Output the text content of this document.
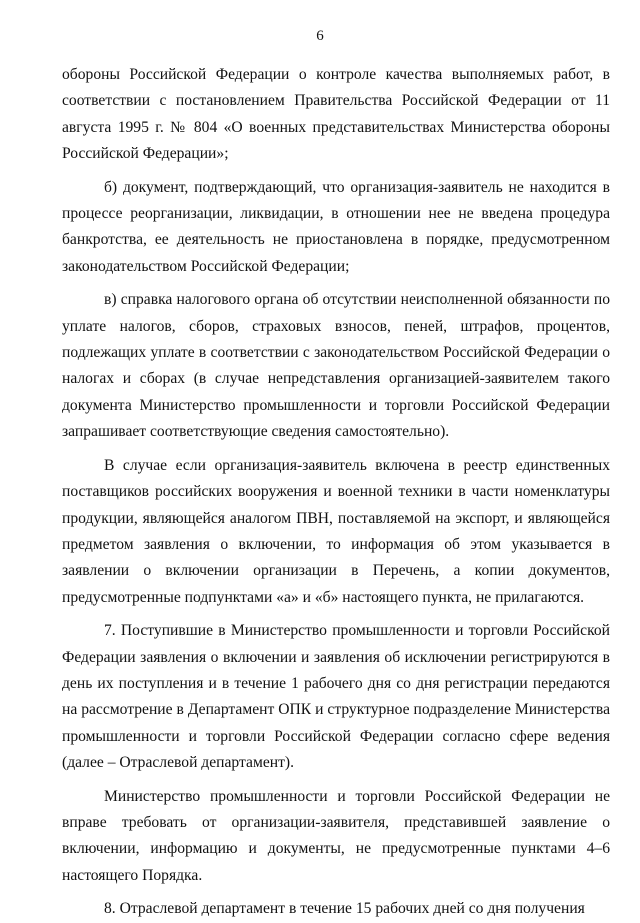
6

обороны Российской Федерации о контроле качества выполняемых работ, в соответствии с постановлением Правительства Российской Федерации от 11 августа 1995 г. № 804 «О военных представительствах Министерства обороны Российской Федерации»;

б) документ, подтверждающий, что организация-заявитель не находится в процессе реорганизации, ликвидации, в отношении нее не введена процедура банкротства, ее деятельность не приостановлена в порядке, предусмотренном законодательством Российской Федерации;

в) справка налогового органа об отсутствии неисполненной обязанности по уплате налогов, сборов, страховых взносов, пеней, штрафов, процентов, подлежащих уплате в соответствии с законодательством Российской Федерации о налогах и сборах (в случае непредставления организацией-заявителем такого документа Министерство промышленности и торговли Российской Федерации запрашивает соответствующие сведения самостоятельно).

В случае если организация-заявитель включена в реестр единственных поставщиков российских вооружения и военной техники в части номенклатуры продукции, являющейся аналогом ПВН, поставляемой на экспорт, и являющейся предметом заявления о включении, то информация об этом указывается в заявлении о включении организации в Перечень, а копии документов, предусмотренные подпунктами «а» и «б» настоящего пункта, не прилагаются.

7. Поступившие в Министерство промышленности и торговли Российской Федерации заявления о включении и заявления об исключении регистрируются в день их поступления и в течение 1 рабочего дня со дня регистрации передаются на рассмотрение в Департамент ОПК и структурное подразделение Министерства промышленности и торговли Российской Федерации согласно сфере ведения (далее – Отраслевой департамент).

Министерство промышленности и торговли Российской Федерации не вправе требовать от организации-заявителя, представившей заявление о включении, информацию и документы, не предусмотренные пунктами 4–6 настоящего Порядка.

8. Отраслевой департамент в течение 15 рабочих дней со дня получения
